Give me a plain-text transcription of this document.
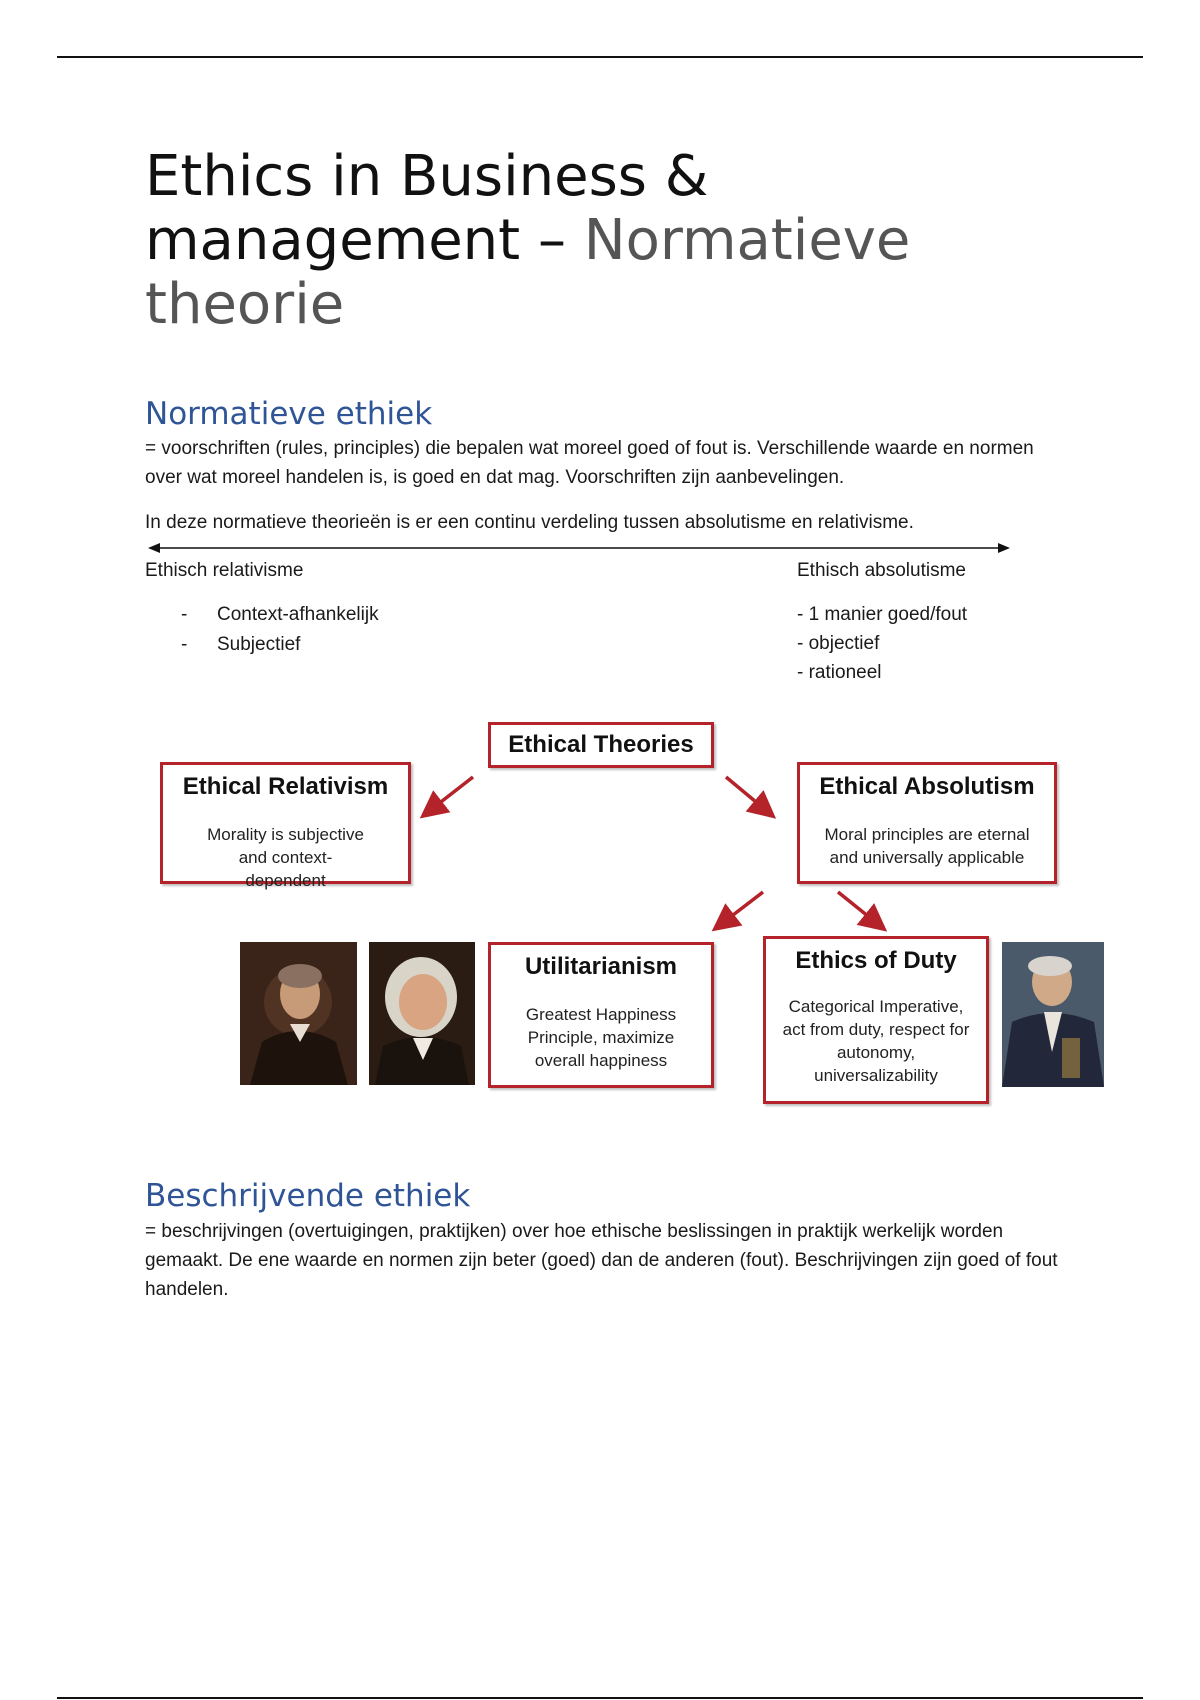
Ethics in Business & management – Normatieve theorie
Normatieve ethiek

= voorschriften (rules, principles) die bepalen wat moreel goed of fout is. Verschillende waarde en normen over wat moreel handelen is, is goed en dat mag. Voorschriften zijn aanbevelingen.

In deze normatieve theorieën is er een continu verdeling tussen absolutisme en relativisme.

Ethisch relativisme	Ethisch absolutisme
- Context-afhankelijk
- Subjectief
- 1 manier goed/fout
- objectief
- rationeel
Ethical Theories
Ethical Relativism
Morality is subjective and context-dependent
Ethical Absolutism
Moral principles are eternal and universally applicable
Utilitarianism
Greatest Happiness Principle, maximize overall happiness
Ethics of Duty
Categorical Imperative, act from duty, respect for autonomy, universalizability
Beschrijvende ethiek

= beschrijvingen (overtuigingen, praktijken) over hoe ethische beslissingen in praktijk werkelijk worden gemaakt. De ene waarde en normen zijn beter (goed) dan de anderen (fout). Beschrijvingen zijn goed of fout handelen.
